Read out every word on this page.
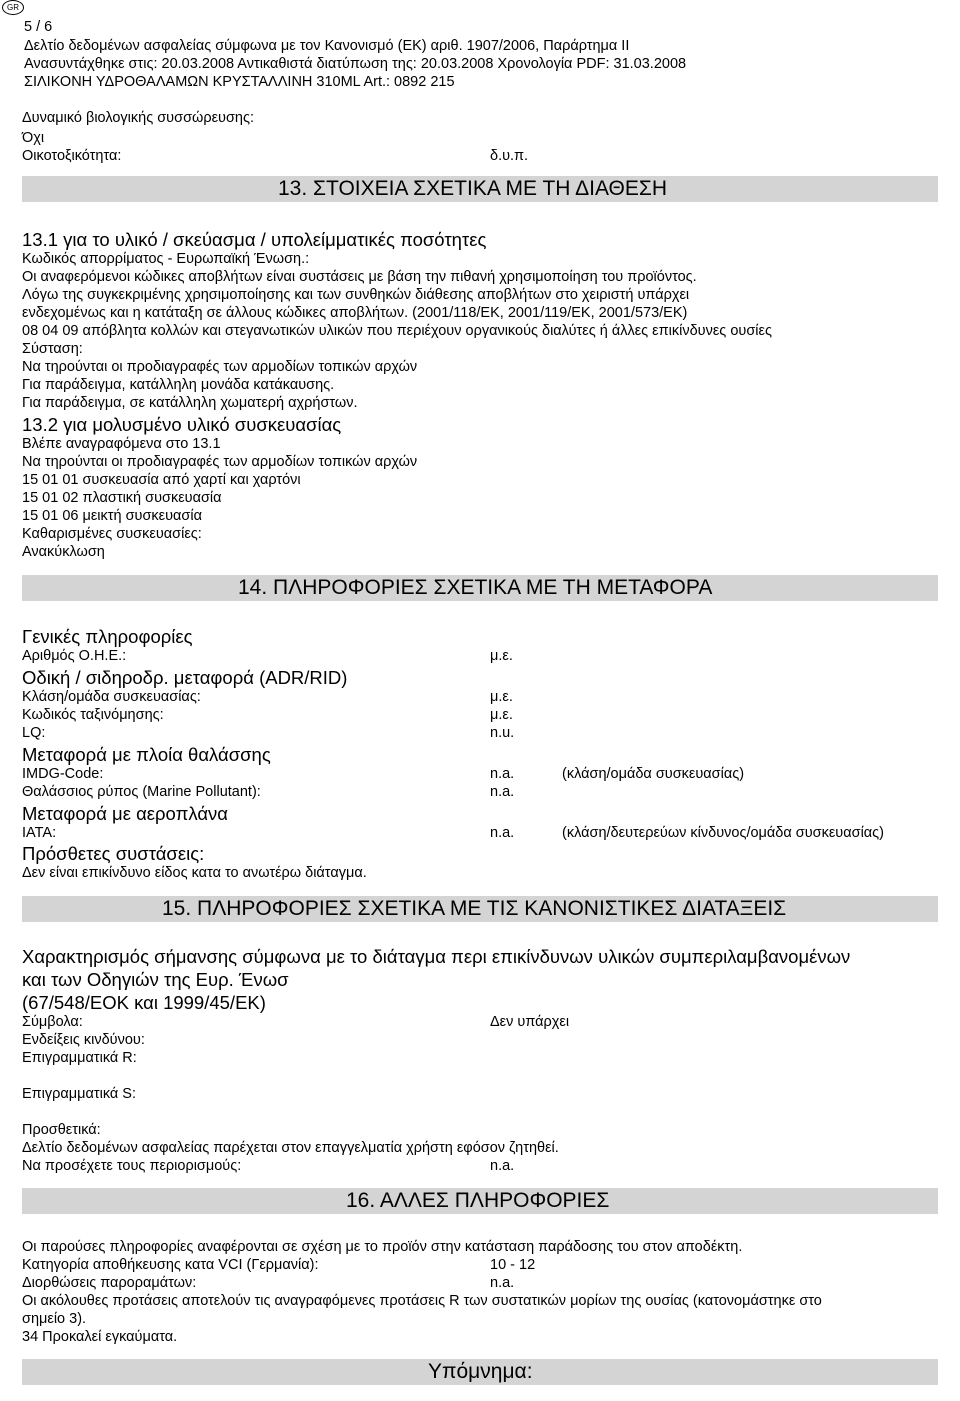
GR
5 / 6
Δελτίο δεδομένων ασφαλείας σύμφωνα με τον Κανονισμό (ΕΚ) αριθ. 1907/2006, Παράρτημα II
Ανασυντάχθηκε στις: 20.03.2008 Αντικαθιστά διατύπωση της: 20.03.2008 Χρονολογία PDF: 31.03.2008
ΣΙΛΙΚΟΝΗ ΥΔΡΟΘΑΛΑΜΩΝ ΚΡΥΣΤΑΛΛΙΝΗ 310ML Art.: 0892 215
Δυναμικό βιολογικής συσσώρευσης:
Όχι
Οικοτοξικότητα:	δ.υ.π.
13. ΣΤΟΙΧΕΙΑ ΣΧΕΤΙΚΑ ΜΕ ΤΗ ΔΙΑΘΕΣΗ
13.1 για το υλικό / σκεύασμα / υπολείμματικές ποσότητες
Κωδικός απορρίματος - Ευρωπαϊκή Ένωση.:
Οι αναφερόμενοι κώδικες αποβλήτων είναι συστάσεις με βάση την πιθανή χρησιμοποίηση του προϊόντος.
Λόγω της συγκεκριμένης χρησιμοποίησης και των συνθηκών διάθεσης αποβλήτων στο χειριστή υπάρχει
ενδεχομένως και η κατάταξη σε άλλους κώδικες αποβλήτων. (2001/118/ΕΚ, 2001/119/ΕΚ, 2001/573/ΕΚ)
08 04 09 απόβλητα κολλών και στεγανωτικών υλικών που περιέχουν οργανικούς διαλύτες ή άλλες επικίνδυνες ουσίες
Σύσταση:
Να τηρούνται οι προδιαγραφές των αρμοδίων τοπικών αρχών
Για παράδειγμα, κατάλληλη μονάδα κατάκαυσης.
Για παράδειγμα, σε κατάλληλη χωματερή αχρήστων.
13.2 για μολυσμένο υλικό συσκευασίας
Βλέπε αναγραφόμενα στο 13.1
Να τηρούνται οι προδιαγραφές των αρμοδίων τοπικών αρχών
15 01 01 συσκευασία από χαρτί και χαρτόνι
15 01 02 πλαστική συσκευασία
15 01 06 μεικτή συσκευασία
Καθαρισμένες συσκευασίες:
Ανακύκλωση
14. ΠΛΗΡΟΦΟΡΙΕΣ ΣΧΕΤΙΚΑ ΜΕ ΤΗ ΜΕΤΑΦΟΡΑ
Γενικές πληροφορίες
Αριθμός Ο.Η.Ε.:	μ.ε.
Οδική / σιδηροδρ. μεταφορά (ADR/RID)
Κλάση/ομάδα συσκευασίας:	μ.ε.
Κωδικός ταξινόμησης:	μ.ε.
LQ:	n.u.
Μεταφορά με πλοία θαλάσσης
IMDG-Code:	n.a.	(κλάση/ομάδα συσκευασίας)
Θαλάσσιος ρύπος (Marine Pollutant):	n.a.
Μεταφορά με αεροπλάνα
IATA:	n.a.	(κλάση/δευτερεύων κίνδυνος/ομάδα συσκευασίας)
Πρόσθετες συστάσεις:
Δεν είναι επικίνδυνο είδος κατα το ανωτέρω διάταγμα.
15. ΠΛΗΡΟΦΟΡΙΕΣ ΣΧΕΤΙΚΑ ΜΕ ΤΙΣ ΚΑΝΟΝΙΣΤΙΚΕΣ ΔΙΑΤΑΞΕΙΣ
Χαρακτηρισμός σήμανσης σύμφωνα με το διάταγμα περι επικίνδυνων υλικών συμπεριλαμβανομένων
και των Οδηγιών της Ευρ. Ένωσ
(67/548/ΕΟΚ και 1999/45/ΕΚ)
Σύμβολα:	Δεν υπάρχει
Ενδείξεις κινδύνου:
Επιγραμματικά R:
Επιγραμματικά S:
Προσθετικά:
Δελτίο δεδομένων ασφαλείας παρέχεται στον επαγγελματία χρήστη εφόσον ζητηθεί.
Να προσέχετε τους περιορισμούς:	n.a.
16. ΑΛΛΕΣ ΠΛΗΡΟΦΟΡΙΕΣ
Οι παρούσες πληροφορίες αναφέρονται σε σχέση με το προϊόν στην κατάσταση παράδοσης του στον αποδέκτη.
Κατηγορία αποθήκευσης κατα VCI (Γερμανία):	10 - 12
Διορθώσεις παροραμάτων:	n.a.
Οι ακόλουθες προτάσεις αποτελούν τις αναγραφόμενες προτάσεις R των συστατικών μορίων της ουσίας (κατονομάστηκε στο
σημείο 3).
34 Προκαλεί εγκαύματα.
Υπόμνημα:
